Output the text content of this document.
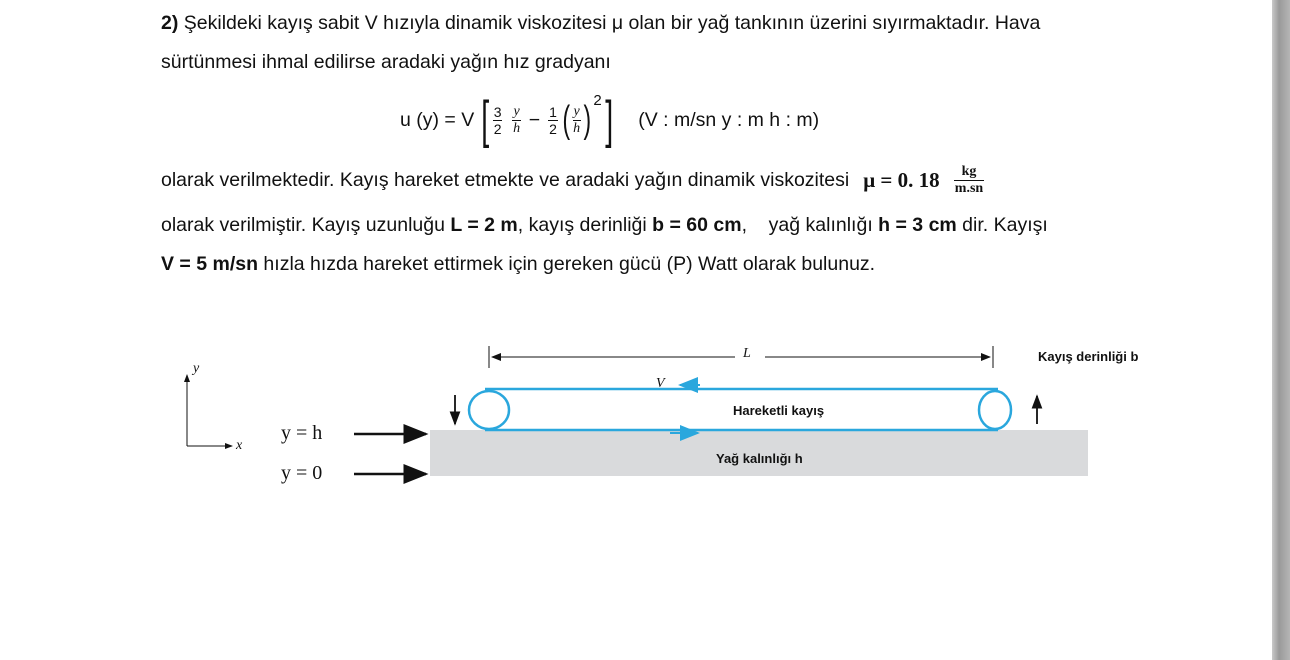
2) Şekildeki kayış sabit V hızıyla dinamik viskozitesi μ olan bir yağ tankının üzerini sıyırmaktadır. Hava
sürtünmesi ihmal edilirse aradaki yağın hız gradyanı
u (y) = V [ $\frac{3}{2} \frac{y}{h} - \frac{1}{2}$ ( $\frac{y}{h}$ ) 2 ] (V : m/sn y : m h : m)
olarak verilmektedir. Kayış hareket etmekte ve aradaki yağın dinamik viskozitesi μ = 0. $18 \frac{kg}{m.sn}$
olarak verilmiştir. Kayış uzunluğu L = 2 m, kayış derinliği b = 60 cm,    yağ kalınlığı h = 3 cm dir. Kayışı
V = 5 m/sn hızla hızda hareket ettirmek için gereken gücü (P) Watt olarak bulunuz.
y
x
y = h
y = 0
L
V
Hareketli kayış
Yağ kalınlığı h
Kayış derinliği b
